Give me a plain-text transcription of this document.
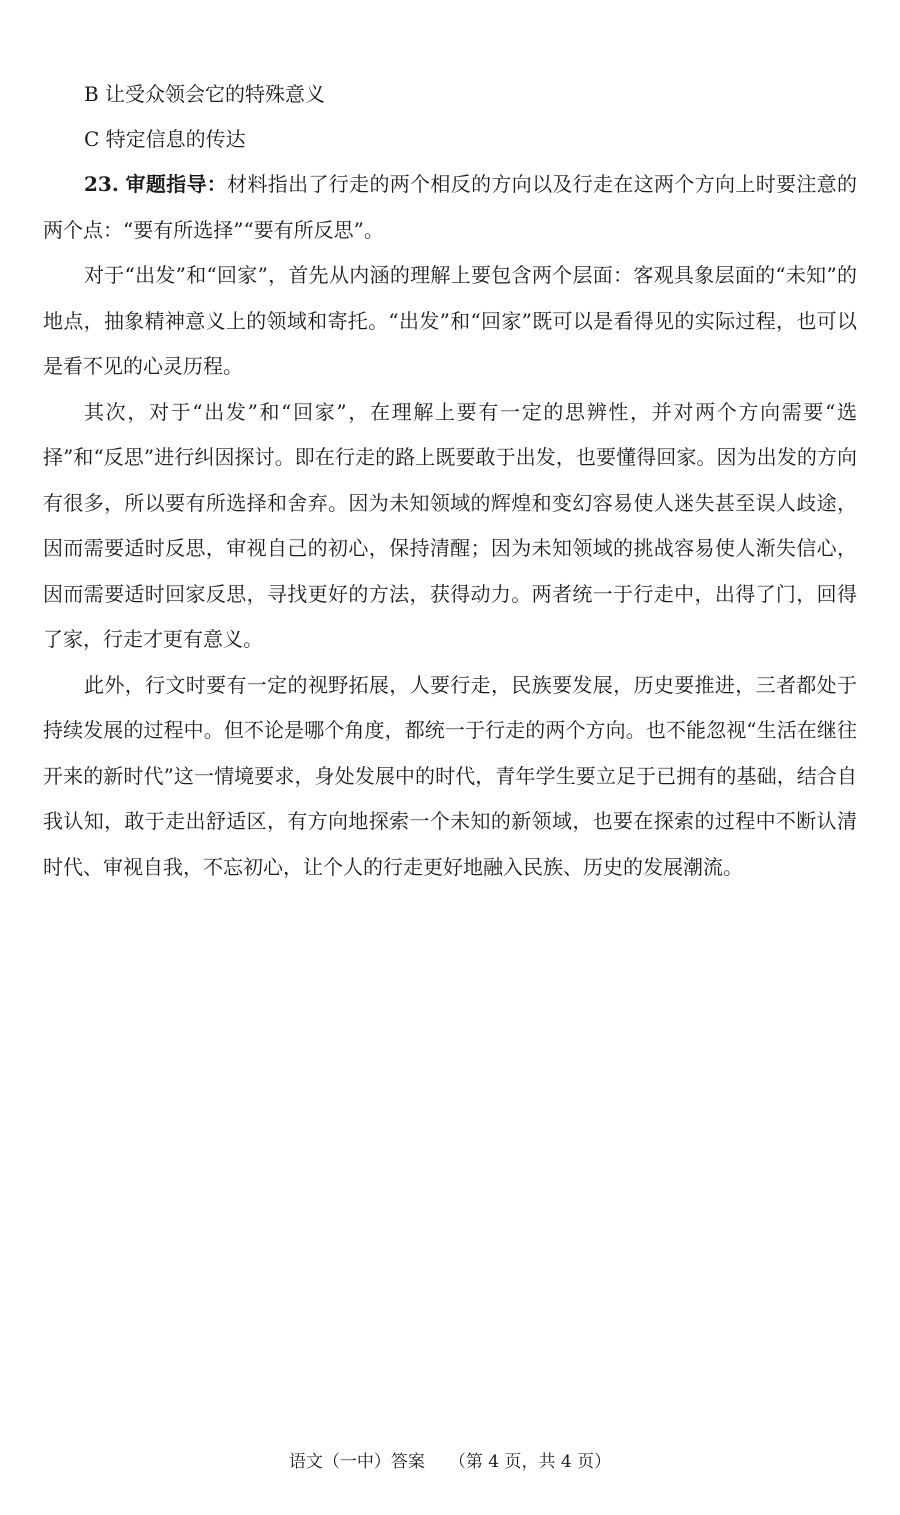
B 让受众领会它的特殊意义
C 特定信息的传达

23. 审题指导：材料指出了行走的两个相反的方向以及行走在这两个方向上时要注意的两个点：“要有所选择”“要有所反思”。

对于“出发”和“回家”，首先从内涵的理解上要包含两个层面：客观具象层面的“未知”的地点，抽象精神意义上的领域和寄托。“出发”和“回家”既可以是看得见的实际过程，也可以是看不见的心灵历程。

其次，对于“出发”和“回家”，在理解上要有一定的思辨性，并对两个方向需要“选择”和“反思”进行纠因探讨。即在行走的路上既要敢于出发，也要懂得回家。因为出发的方向有很多，所以要有所选择和舍弃。因为未知领域的辉煌和变幻容易使人迷失甚至误人歧途，因而需要适时反思，审视自己的初心，保持清醒；因为未知领域的挑战容易使人渐失信心，因而需要适时回家反思，寻找更好的方法，获得动力。两者统一于行走中，出得了门，回得了家，行走才更有意义。

此外，行文时要有一定的视野拓展，人要行走，民族要发展，历史要推进，三者都处于持续发展的过程中。但不论是哪个角度，都统一于行走的两个方向。也不能忽视“生活在继往开来的新时代”这一情境要求，身处发展中的时代，青年学生要立足于已拥有的基础，结合自我认知，敢于走出舒适区，有方向地探索一个未知的新领域，也要在探索的过程中不断认清时代、审视自我，不忘初心，让个人的行走更好地融入民族、历史的发展潮流。

语文（一中）答案 （第 4 页，共 4 页）
